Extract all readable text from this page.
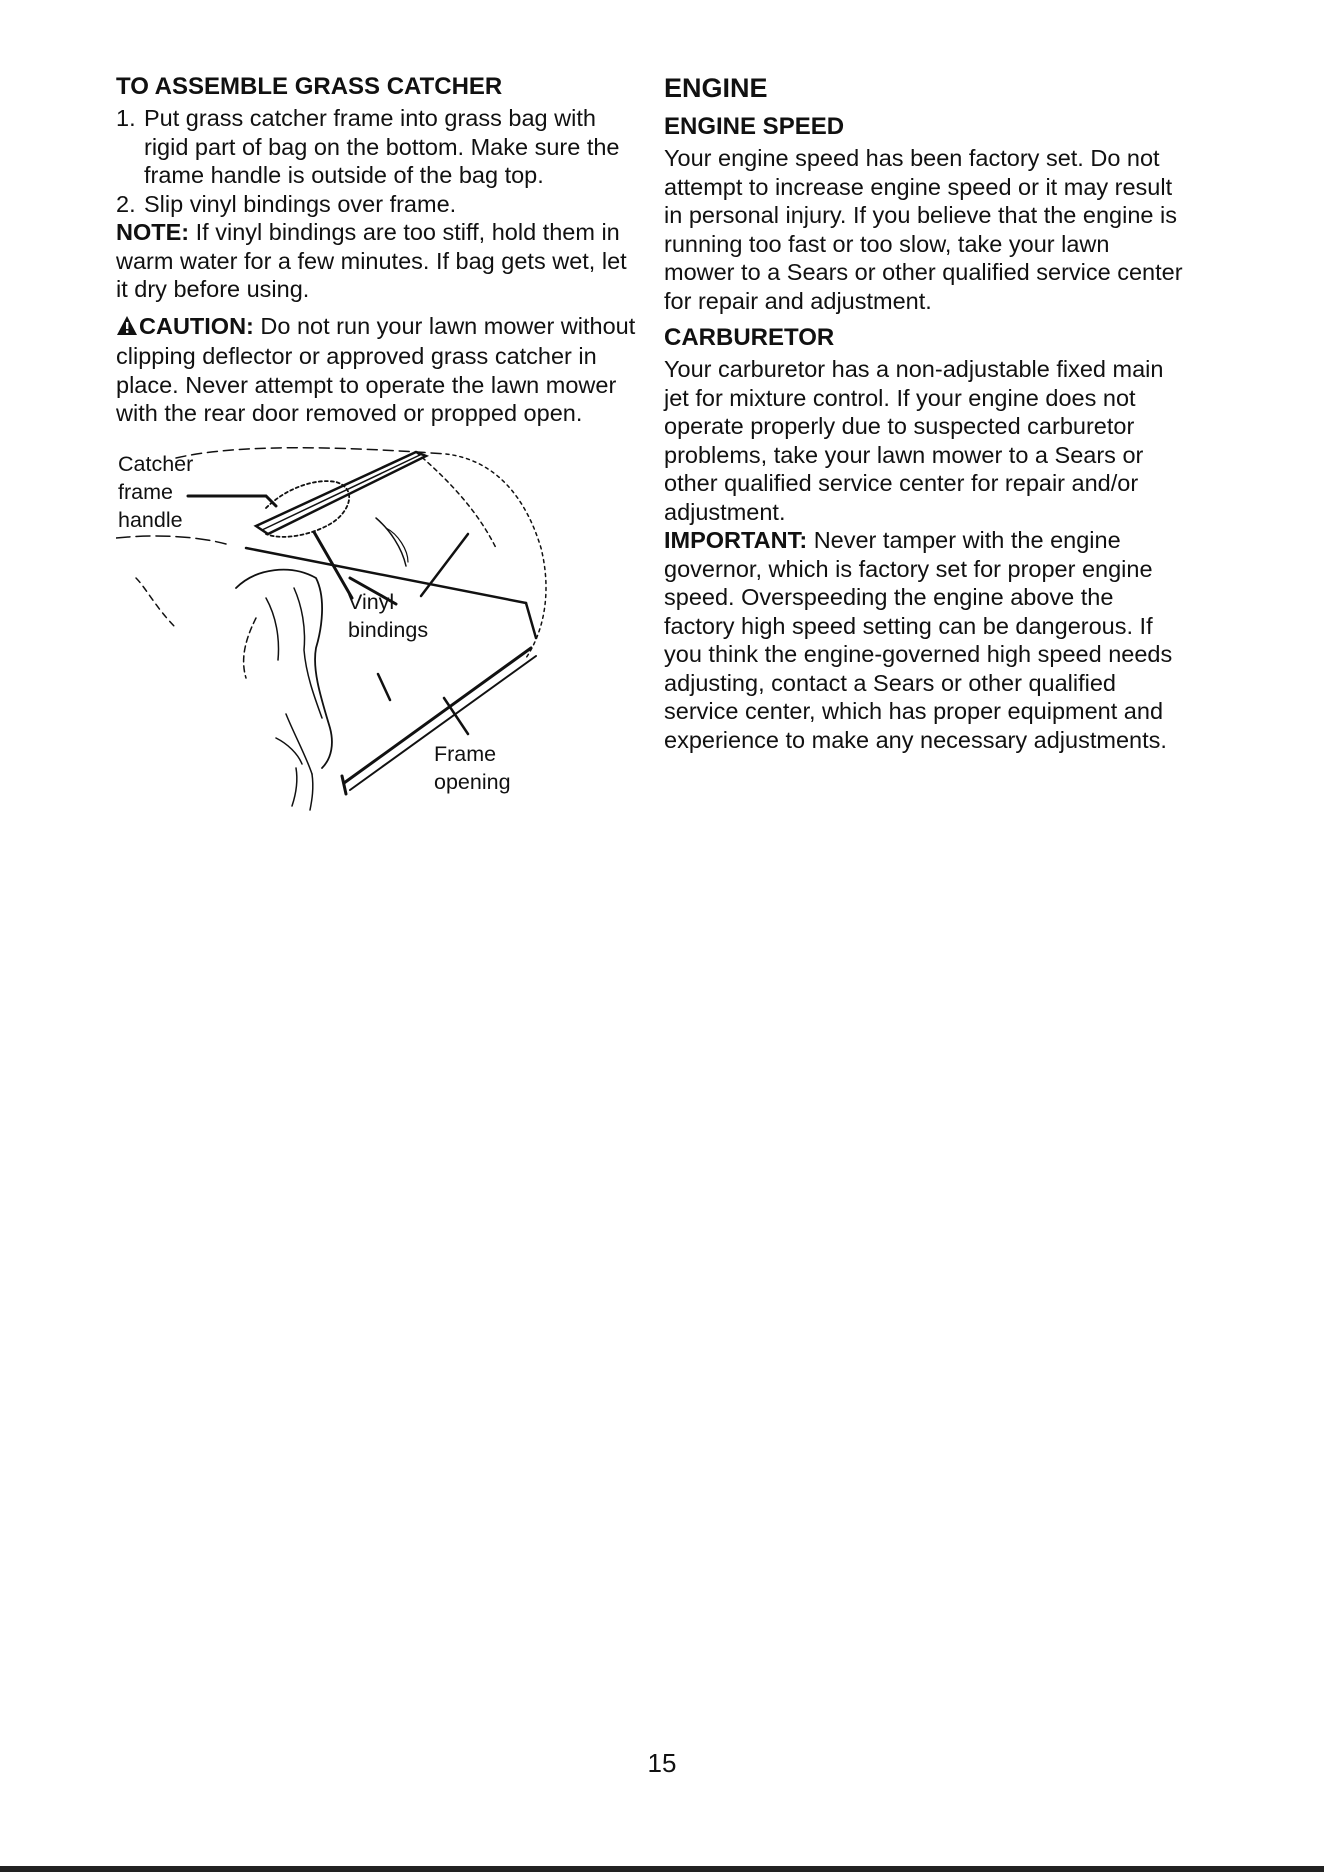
TO ASSEMBLE GRASS CATCHER

1. Put grass catcher frame into grass bag with rigid part of bag on the bottom. Make sure the frame handle is outside of the bag top.

2. Slip vinyl bindings over frame.

NOTE: If vinyl bindings are too stiff, hold them in warm water for a few minutes. If bag gets wet, let it dry before using.

CAUTION: Do not run your lawn mower without clipping deflector or approved grass catcher in place. Never attempt to operate the lawn mower with the rear door removed or propped open.

Catcher
frame
handle
Vinyl
bindings
Frame
opening
ENGINE
ENGINE SPEED

Your engine speed has been factory set. Do not attempt to increase engine speed or it may result in personal injury. If you believe that the engine is running too fast or too slow, take your lawn mower to a Sears or other qualified service center for repair and adjustment.

CARBURETOR

Your carburetor has a non-adjustable fixed main jet for mixture control. If your engine does not operate properly due to suspected carburetor problems, take your lawn mower to a Sears or other qualified service center for repair and/or adjustment.

IMPORTANT: Never tamper with the engine governor, which is factory set for proper engine speed. Overspeeding the engine above the factory high speed setting can be dangerous. If you think the engine-governed high speed needs adjusting, contact a Sears or other qualified service center, which has proper equipment and experience to make any necessary adjustments.

15
